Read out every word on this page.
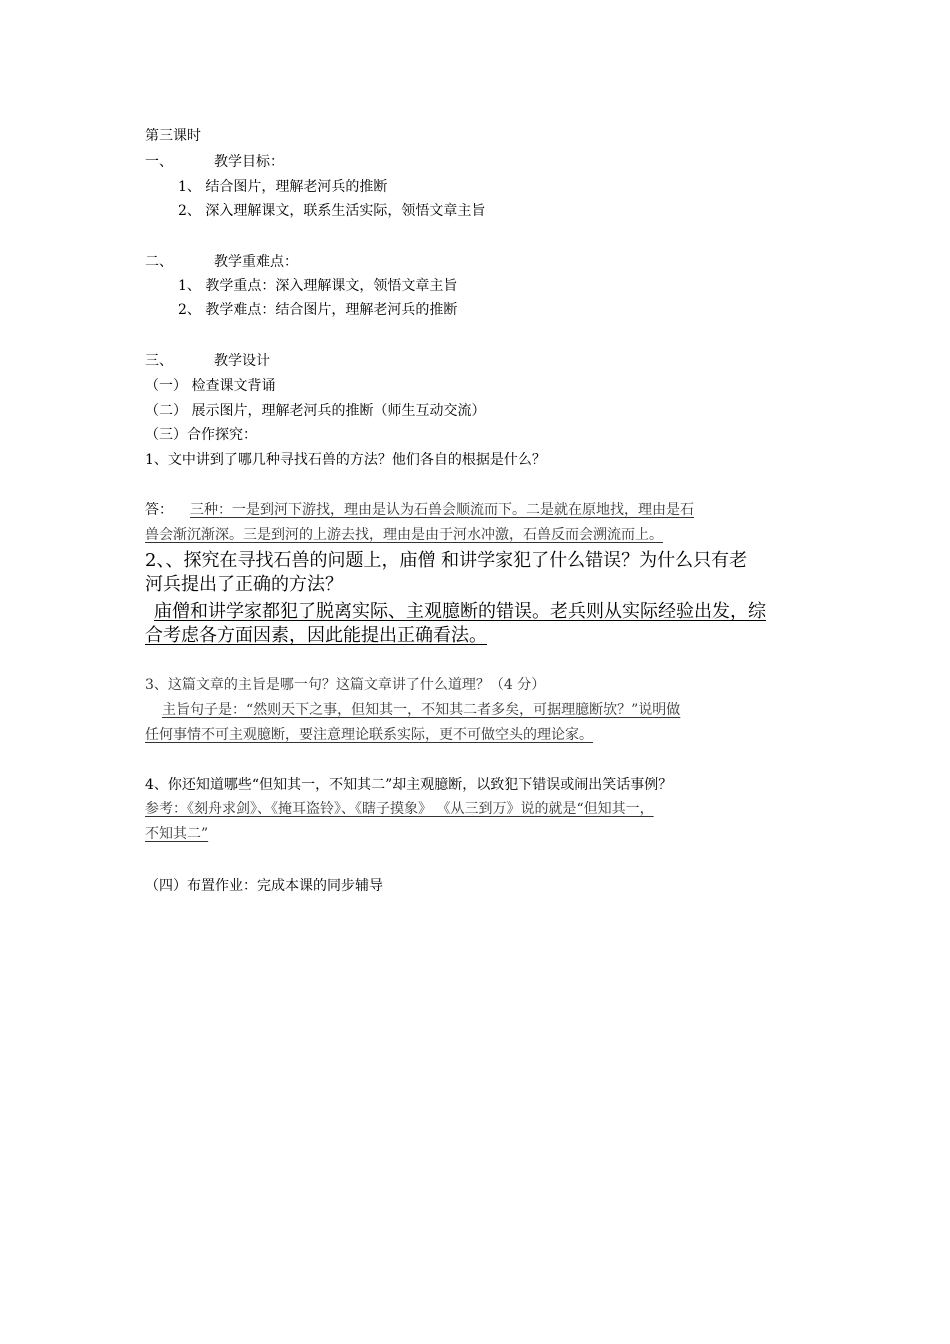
第三课时
一、	教学目标：
1、 结合图片，理解老河兵的推断
2、 深入理解课文，联系生活实际，领悟文章主旨
二、	教学重难点：
1、 教学重点：深入理解课文，领悟文章主旨
2、 教学难点：结合图片，理解老河兵的推断
三、	教学设计
（一） 检查课文背诵
（二） 展示图片，理解老河兵的推断（师生互动交流）
（三）合作探究：
1、文中讲到了哪几种寻找石兽的方法？他们各自的根据是什么？
答： 三种：一是到河下游找，理由是认为石兽会顺流而下。二是就在原地找，理由是石
兽会渐沉渐深。三是到河的上游去找，理由是由于河水冲激，石兽反而会溯流而上。
2、、探究在寻找石兽的问题上，庙僧 和讲学家犯了什么错误？为什么只有老
河兵提出了正确的方法？
庙僧和讲学家都犯了脱离实际、主观臆断的错误。老兵则从实际经验出发，综
合考虑各方面因素，因此能提出正确看法。
3、这篇文章的主旨是哪一句？这篇文章讲了什么道理？（4 分）
主旨句子是：“然则天下之事，但知其一，不知其二者多矣，可据理臆断欤？”说明做
任何事情不可主观臆断，要注意理论联系实际，更不可做空头的理论家。
4、你还知道哪些“但知其一，不知其二”却主观臆断，以致犯下错误或闹出笑话事例？
参考：《刻舟求剑》、《掩耳盗铃》、《瞎子摸象》 《从三到万》说的就是“但知其一，
不知其二”
（四）布置作业：完成本课的同步辅导
